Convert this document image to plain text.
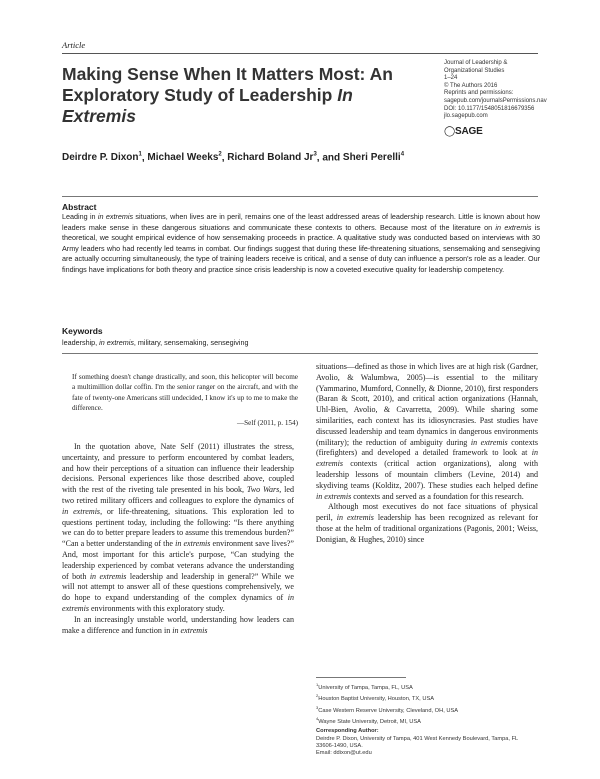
Article
Making Sense When It Matters Most: An Exploratory Study of Leadership In Extremis
Journal of Leadership &
Organizational Studies
1–24
© The Authors 2016
Reprints and permissions:
sagepub.com/journalsPermissions.nav
DOI: 10.1177/1548051816679356
jlo.sagepub.com
◯SAGE
Deirdre P. Dixon$^1$, Michael Weeks$^2$, Richard Boland Jr$^3$, and Sheri Perelli$^4$
Abstract
Leading in in extremis situations, when lives are in peril, remains one of the least addressed areas of leadership research. Little is known about how leaders make sense in these dangerous situations and communicate these contexts to others. Because most of the literature on in extremis is theoretical, we sought empirical evidence of how sensemaking proceeds in practice. A qualitative study was conducted based on interviews with 30 Army leaders who had recently led teams in combat. Our findings suggest that during these life-threatening situations, sensemaking and sensegiving are actually occurring simultaneously, the type of training leaders receive is critical, and a sense of duty can influence a person's role as a leader. Our findings have implications for both theory and practice since crisis leadership is now a coveted executive quality for leadership competency.
Keywords
leadership, in extremis, military, sensemaking, sensegiving
If something doesn't change drastically, and soon, this helicopter will become a multimillion dollar coffin. I'm the senior ranger on the aircraft, and with the fate of twenty-one Americans still undecided, I know it's up to me to make the difference.
—Self (2011, p. 154)

In the quotation above, Nate Self (2011) illustrates the stress, uncertainty, and pressure to perform encountered by combat leaders, and how their perceptions of a situation can influence their leadership decisions. Personal experiences like those described above, coupled with the rest of the riveting tale presented in his book, Two Wars, led two retired military officers and colleagues to explore the dynamics of in extremis, or life-threatening, situations. This exploration led to questions pertinent today, including the following: “Is there anything we can do to better prepare leaders to assume this tremendous burden?” “Can a better understanding of the in extremis environment save lives?” And, most important for this article's purpose, “Can studying the leadership experienced by combat veterans advance the understanding of both in extremis leadership and leadership in general?” While we will not attempt to answer all of these questions comprehensively, we do hope to expand understanding of the complex dynamics of in extremis environments with this exploratory study.

In an increasingly unstable world, understanding how leaders can make a difference and function in in extremis

situations—defined as those in which lives are at high risk (Gardner, Avolio, & Walumbwa, 2005)—is essential to the military (Yammarino, Mumford, Connelly, & Dionne, 2010), first responders (Baran & Scott, 2010), and critical action organizations (Hannah, Uhl-Bien, Avolio, & Cavarretta, 2009). While sharing some similarities, each context has its idiosyncrasies. Past studies have discussed leadership and team dynamics in dangerous environments (military); the reduction of ambiguity during in extremis contexts (firefighters) and developed a detailed framework to look at in extremis contexts (critical action organizations), along with leadership lessons of mountain climbers (Levine, 2014) and skydiving teams (Kolditz, 2007). These studies each helped define in extremis contexts and served as a foundation for this research.

Although most executives do not face situations of physical peril, in extremis leadership has been recognized as relevant for those at the helm of traditional organizations (Pagonis, 2001; Weiss, Donigian, & Hughes, 2010) since

$^1$University of Tampa, Tampa, FL, USA
$^2$Houston Baptist University, Houston, TX, USA
$^3$Case Western Reserve University, Cleveland, OH, USA
$^4$Wayne State University, Detroit, MI, USA
Corresponding Author:
Deirdre P. Dixon, University of Tampa, 401 West Kennedy Boulevard, Tampa, FL 33606-1490, USA.
Email: ddixon@ut.edu
